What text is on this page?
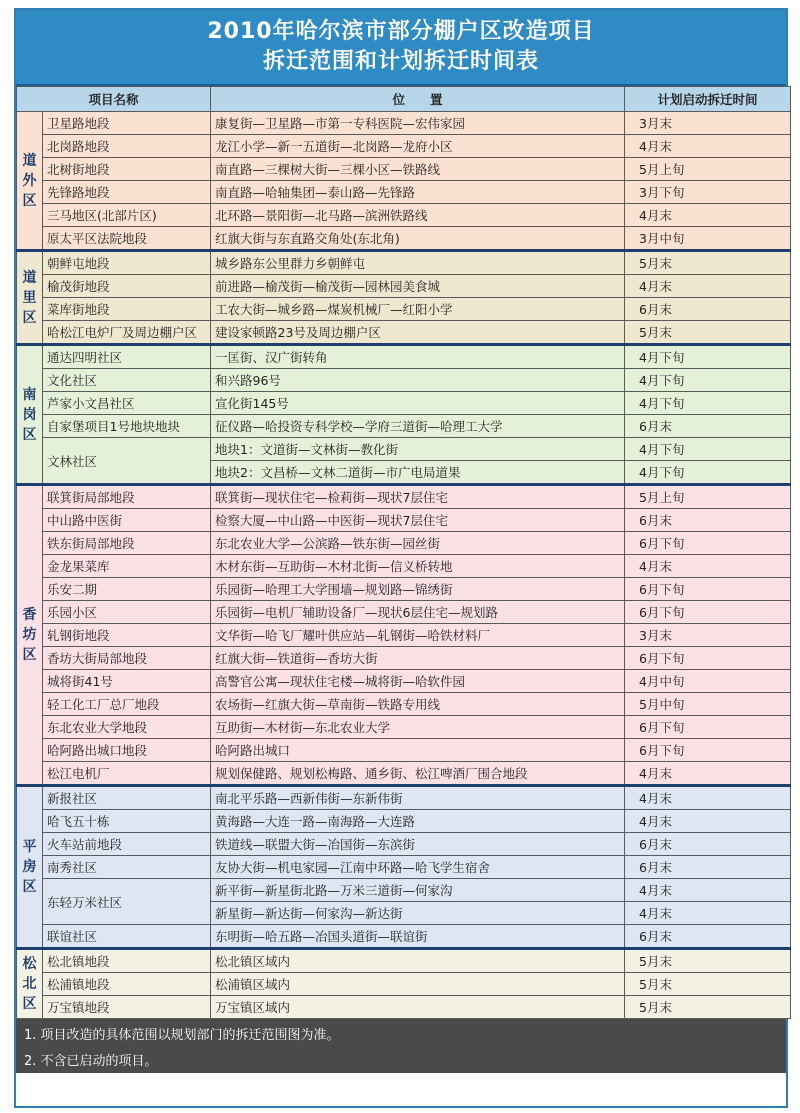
2010年哈尔滨市部分棚户区改造项目
拆迁范围和计划拆迁时间表
项目名称		位　　置	计划启动拆迁时间
道外区	卫星路地段	康复街—卫星路—市第一专科医院—宏伟家园	3月末
	北岗路地段	龙江小学—新一五道街—北岗路—龙府小区	4月末
	北树街地段	南直路—三棵树大街—三棵小区—铁路线	5月上旬
	先锋路地段	南直路—哈轴集团—泰山路—先锋路	3月下旬
	三马地区(北部片区)	北环路—景阳街—北马路—滨洲铁路线	4月末
	原太平区法院地段	红旗大街与东直路交角处(东北角)	3月中旬
道里区	朝鲜屯地段	城乡路东公里群力乡朝鲜屯	5月末
	榆茂街地段	前进路—榆茂街—榆茂街—园林园美食城	4月末
	菜库街地段	工农大街—城乡路—煤炭机械厂—红阳小学	6月末
	哈松江电炉厂及周边棚户区	建设家顿路23号及周边棚户区	5月末
南岗区	通达四明社区	一匡街、汉广街转角	4月下旬
	文化社区	和兴路96号	4月下旬
	芦家小文昌社区	宣化街145号	4月下旬
	自家堡项目1号地块地块	征仪路—哈投资专科学校—学府三道街—哈理工大学	6月末
	文林社区	地块1：文道街—文林街—教化街	4月下旬
		地块2：文昌桥—文林二道街—市广电局道果	4月下旬
香坊区	联箕街局部地段	联箕街—现状住宅—检莉街—现状7层住宅	5月上旬
	中山路中医街	检察大厦—中山路—中医街—现状7层住宅	6月末
	铁东街局部地段	东北农业大学—公滨路—铁东街—园丝街	6月下旬
	金龙果菜库	木材东街—互助街—木材北街—信义桥转地	4月末
	乐安二期	乐园街—哈理工大学围墙—规划路—锦绣街	6月下旬
	乐园小区	乐园街—电机厂辅助设备厂—现状6层住宅—规划路	6月下旬
	轧钢街地段	文华街—哈飞厂耀叶供应站—轧钢街—哈铁材料厂	3月末
	香坊大街局部地段	红旗大街—铁道街—香坊大街	6月下旬
	城将街41号	高警官公寓—现状住宅楼—城将街—哈软件园	4月中旬
	轻工化工厂总厂地段	农场街—红旗大街—草南街—铁路专用线	5月中旬
	东北农业大学地段	互助街—木材街—东北农业大学	6月下旬
	哈阿路出城口地段	哈阿路出城口	6月下旬
	松江电机厂	规划保健路、规划松梅路、通乡街、松江啤酒厂围合地段	4月末
平房区	新报社区	南北平乐路—西新伟街—东新伟街	4月末
	哈飞五十栋	黄海路—大连一路—南海路—大连路	4月末
	火车站前地段	铁道线—联盟大街—冶国街—东滨街	6月末
	南秀社区	友协大街—机电家园—江南中环路—哈飞学生宿舍	6月末
	东轻万米社区	新平街—新星街北路—万米三道街—何家沟	4月末
		新星街—新达街—何家沟—新达街	4月末
	联谊社区	东明街—哈五路—冶国头道街—联谊街	6月末
松北区	松北镇地段	松北镇区域内	5月末
	松浦镇地段	松浦镇区域内	5月末
	万宝镇地段	万宝镇区域内	5月末
1. 项目改造的具体范围以规划部门的拆迁范围图为准。
2. 不含已启动的项目。
